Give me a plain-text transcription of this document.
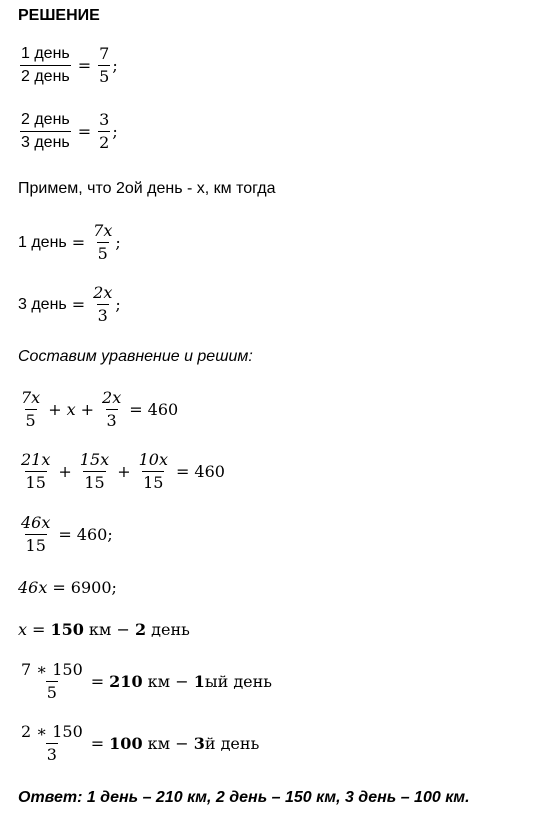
РЕШЕНИЕ
$\frac{\text{1 день}}{\text{2 день}} = \frac{7}{5}$ ;
$\frac{\text{2 день}}{\text{3 день}} = \frac{3}{2}$ ;
Примем, что 2ой день - х, км тогда
1 день = $\frac{7x}{5}$ ;
3 день = $\frac{2x}{3}$ ;
Составим уравнение и решим:
$\frac{7x}{5} + x + \frac{2x}{3} = 460$
$\frac{21x}{15} + \frac{15x}{15} + \frac{10x}{15} = 460$
$\frac{46x}{15} = 460$;
46x = 6900;
x = 150 км − 2 день
$\frac{7 ∗ 150}{5} = 210$ км − 1 ый день
$\frac{2 ∗ 150}{3} = 100$ км − 3 й день
Ответ: 1 день – 210 км, 2 день – 150 км, 3 день – 100 км.
